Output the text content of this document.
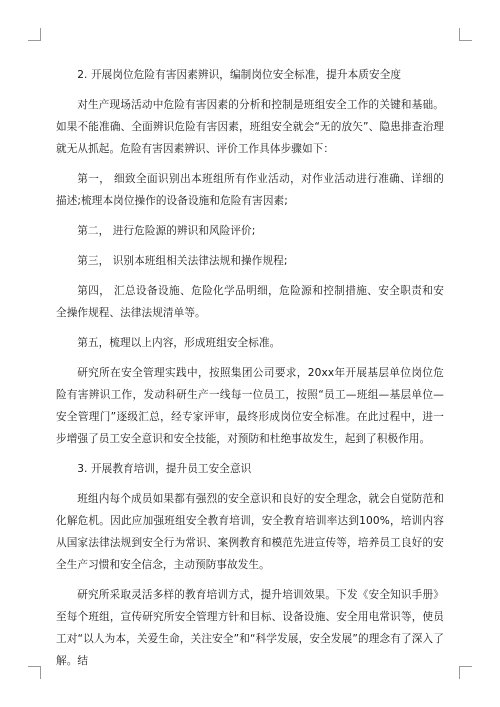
2. 开展岗位危险有害因素辨识，编制岗位安全标准，提升本质安全度

对生产现场活动中危险有害因素的分析和控制是班组安全工作的关键和基础。如果不能准确、全面辨识危险有害因素，班组安全就会“无的放矢”、隐患排查治理就无从抓起。危险有害因素辨识、评价工作具体步骤如下：

第一， 细致全面识别出本班组所有作业活动，对作业活动进行准确、详细的描述;梳理本岗位操作的设备设施和危险有害因素;

第二， 进行危险源的辨识和风险评价;

第三， 识别本班组相关法律法规和操作规程;

第四， 汇总设备设施、危险化学品明细，危险源和控制措施、安全职责和安全操作规程、法律法规清单等。

第五，梳理以上内容，形成班组安全标准。

研究所在安全管理实践中，按照集团公司要求，20xx年开展基层单位岗位危险有害辨识工作，发动科研生产一线每一位员工，按照“员工—班组—基层单位—安全管理门”逐级汇总，经专家评审，最终形成岗位安全标准。在此过程中，进一步增强了员工安全意识和安全技能，对预防和杜绝事故发生，起到了积极作用。

3. 开展教育培训，提升员工安全意识

班组内每个成员如果都有强烈的安全意识和良好的安全理念，就会自觉防范和化解危机。因此应加强班组安全教育培训，安全教育培训率达到100%，培训内容从国家法律法规到安全行为常识、案例教育和模范先进宣传等，培养员工良好的安全生产习惯和安全信念，主动预防事故发生。

研究所采取灵活多样的教育培训方式，提升培训效果。下发《安全知识手册》至每个班组，宣传研究所安全管理方针和目标、设备设施、安全用电常识等，使员工对“以人为本，关爱生命，关注安全”和“科学发展，安全发展”的理念有了深入了解。结
